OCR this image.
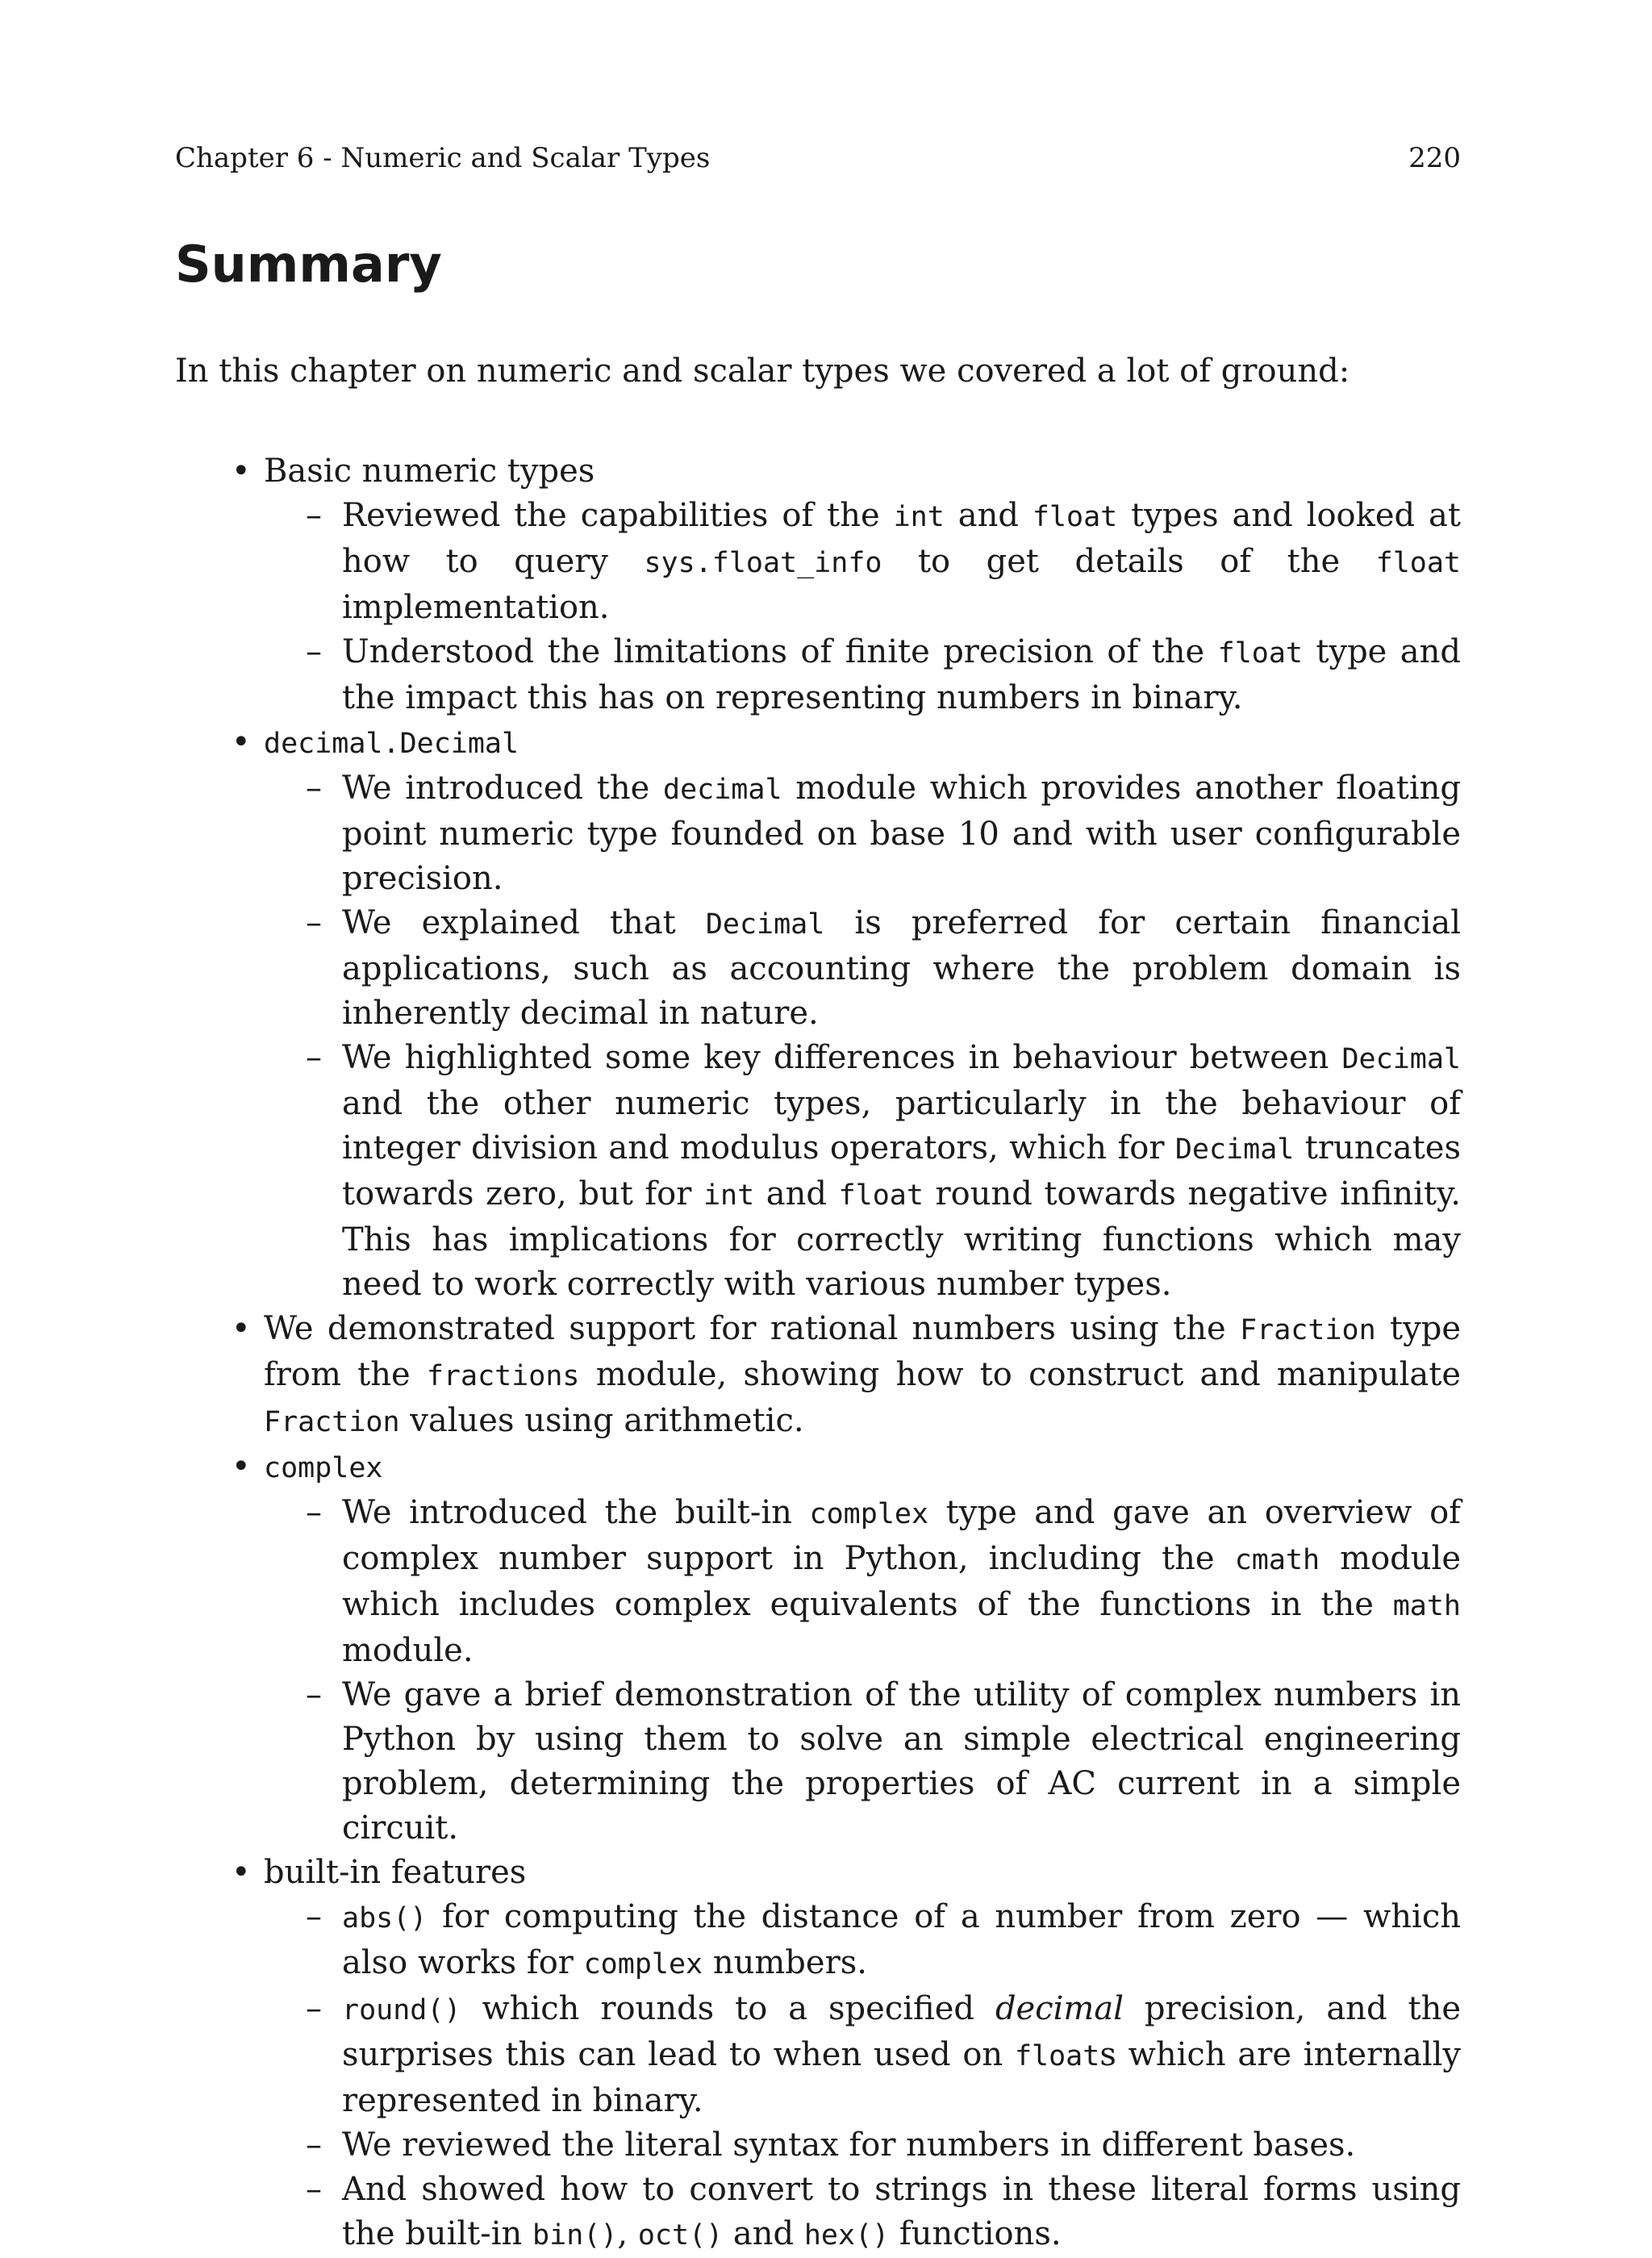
Chapter 6 - Numeric and Scalar Types	220
Summary

In this chapter on numeric and scalar types we covered a lot of ground:

• Basic numeric types
– Reviewed the capabilities of the int and float types and looked at how to query sys.float_info to get details of the float implementation.
– Understood the limitations of finite precision of the float type and the impact this has on representing numbers in binary.
• decimal.Decimal
– We introduced the decimal module which provides another floating point numeric type founded on base 10 and with user configurable precision.
– We explained that Decimal is preferred for certain financial applications, such as accounting where the problem domain is inherently decimal in nature.
– We highlighted some key differences in behaviour between Decimal and the other numeric types, particularly in the behaviour of integer division and modulus operators, which for Decimal truncates towards zero, but for int and float round towards negative infinity. This has implications for correctly writing functions which may need to work correctly with various number types.
• We demonstrated support for rational numbers using the Fraction type from the fractions module, showing how to construct and manipulate Fraction values using arithmetic.
• complex
– We introduced the built-in complex type and gave an overview of complex number support in Python, including the cmath module which includes complex equivalents of the functions in the math module.
– We gave a brief demonstration of the utility of complex numbers in Python by using them to solve an simple electrical engineering problem, determining the properties of AC current in a simple circuit.
• built-in features
– abs() for computing the distance of a number from zero — which also works for complex numbers.
– round() which rounds to a specified decimal precision, and the surprises this can lead to when used on floats which are internally represented in binary.
– We reviewed the literal syntax for numbers in different bases.
– And showed how to convert to strings in these literal forms using the built-in bin(), oct() and hex() functions.
